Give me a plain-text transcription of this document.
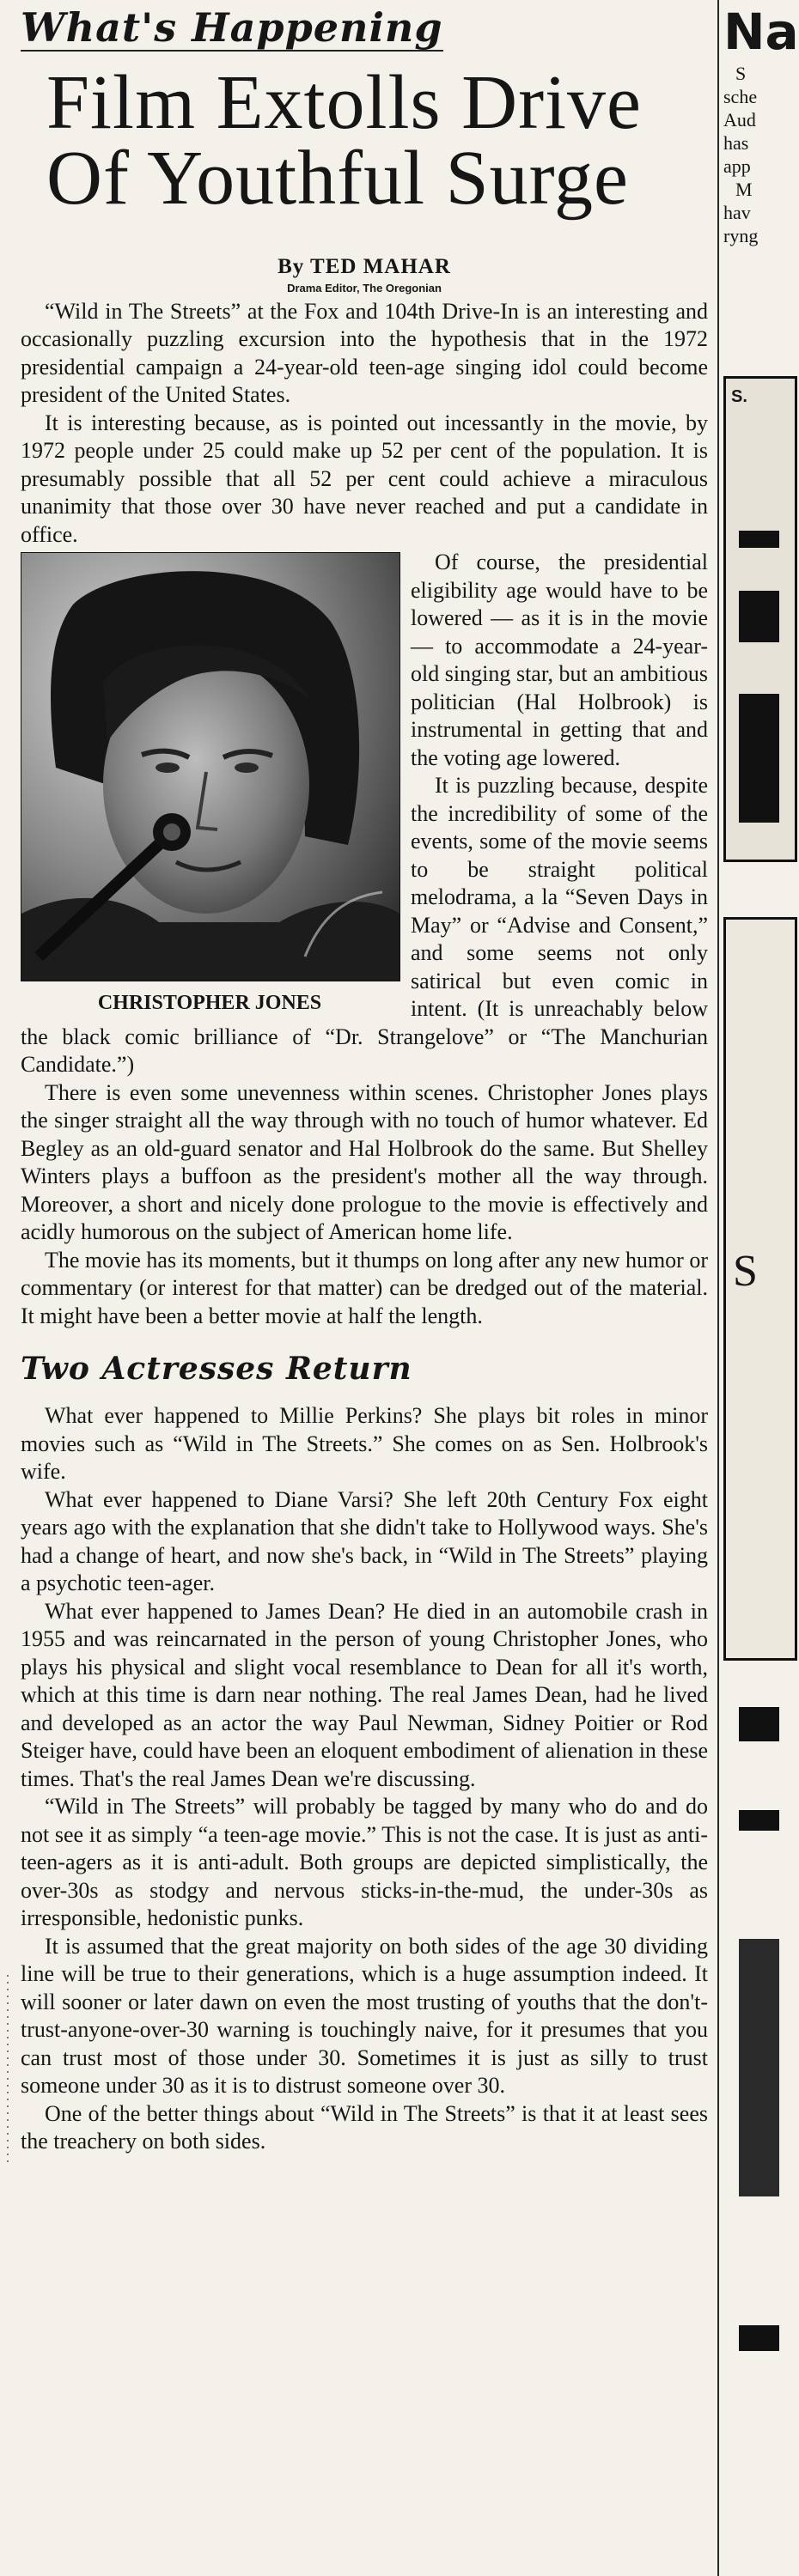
What's Happening
Film Extolls Drive
Of Youthful Surge
By TED MAHAR
Drama Editor, The Oregonian

“Wild in The Streets” at the Fox and 104th Drive-In is an interesting and occasionally puzzling excursion into the hypothesis that in the 1972 presidential campaign a 24-year-old teen-age singing idol could become president of the United States.

It is interesting because, as is pointed out incessantly in the movie, by 1972 people under 25 could make up 52 per cent of the population. It is presumably possible that all 52 per cent could achieve a miraculous unanimity that those over 30 have never reached and put a candidate in office.

CHRISTOPHER JONES

Of course, the presidential eligibility age would have to be lowered — as it is in the movie — to accommodate a 24-year-old singing star, but an ambitious politician (Hal Holbrook) is instrumental in getting that and the voting age lowered.

It is puzzling because, despite the incredibility of some of the events, some of the movie seems to be straight political melodrama, a la “Seven Days in May” or “Advise and Consent,” and some seems not only satirical but even comic in intent. (It is unreachably below the black comic brilliance of “Dr. Strangelove” or “The Manchurian Candidate.”)

There is even some unevenness within scenes. Christopher Jones plays the singer straight all the way through with no touch of humor whatever. Ed Begley as an old-guard senator and Hal Holbrook do the same. But Shelley Winters plays a buffoon as the president's mother all the way through. Moreover, a short and nicely done prologue to the movie is effectively and acidly humorous on the subject of American home life.

The movie has its moments, but it thumps on long after any new humor or commentary (or interest for that matter) can be dredged out of the material. It might have been a better movie at half the length.

Two Actresses Return

What ever happened to Millie Perkins? She plays bit roles in minor movies such as “Wild in The Streets.” She comes on as Sen. Holbrook's wife.

What ever happened to Diane Varsi? She left 20th Century Fox eight years ago with the explanation that she didn't take to Hollywood ways. She's had a change of heart, and now she's back, in “Wild in The Streets” playing a psychotic teen-ager.

What ever happened to James Dean? He died in an automobile crash in 1955 and was reincarnated in the person of young Christopher Jones, who plays his physical and slight vocal resemblance to Dean for all it's worth, which at this time is darn near nothing. The real James Dean, had he lived and developed as an actor the way Paul Newman, Sidney Poitier or Rod Steiger have, could have been an eloquent embodiment of alienation in these times. That's the real James Dean we're discussing.

“Wild in The Streets” will probably be tagged by many who do and do not see it as simply “a teen-age movie.” This is not the case. It is just as anti-teen-agers as it is anti-adult. Both groups are depicted simplistically, the over-30s as stodgy and nervous sticks-in-the-mud, the under-30s as irresponsible, hedonistic punks.

It is assumed that the great majority on both sides of the age 30 dividing line will be true to their generations, which is a huge assumption indeed. It will sooner or later dawn on even the most trusting of youths that the don't-trust-anyone-over-30 warning is touchingly naive, for it presumes that you can trust most of those under 30. Sometimes it is just as silly to trust someone under 30 as it is to distrust someone over 30.

One of the better things about “Wild in The Streets” is that it at least sees the treachery on both sides.

Na
S
sche
Aud
has
app
M
hav
ryng
S.
S
